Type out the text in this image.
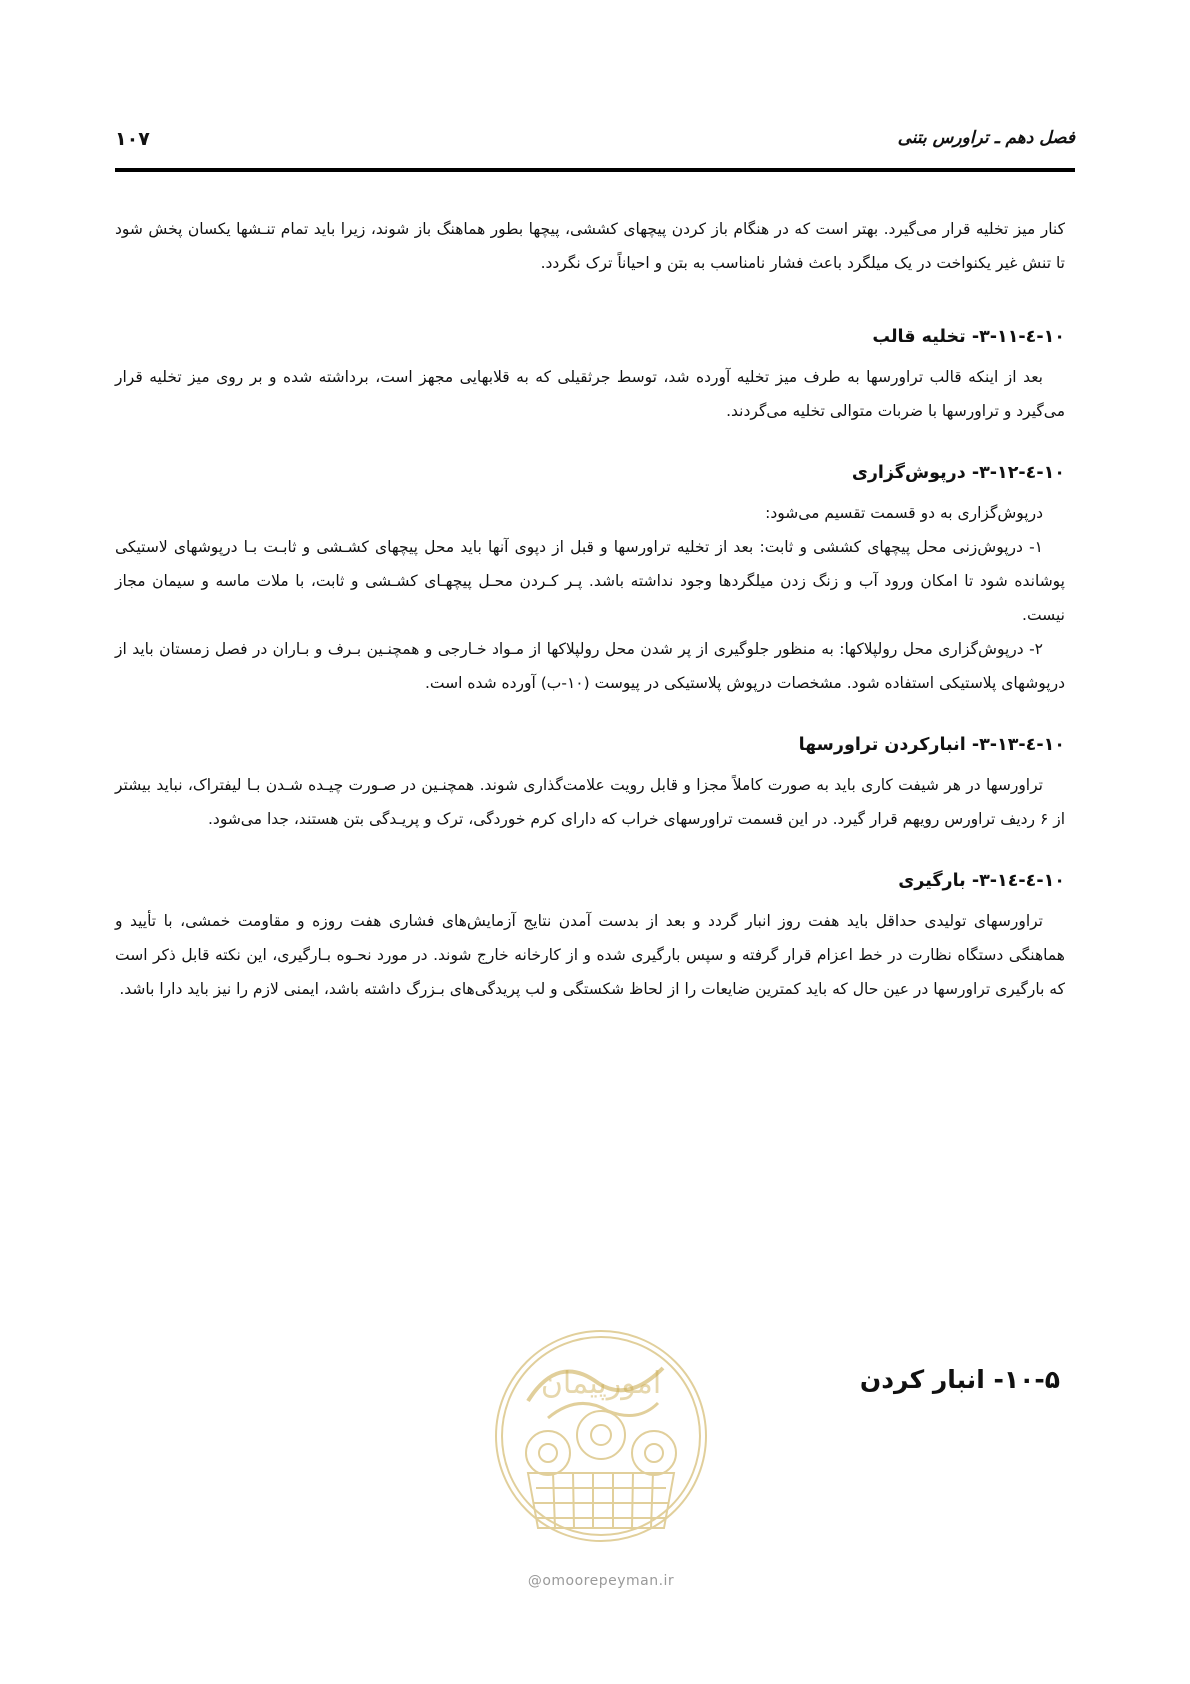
۱۰۷	فصل دهم ـ تراورس بتنی

کنار میز تخلیه قرار می‌گیرد. بهتر است که در هنگام باز کردن پیچهای کششی، پیچها بطور هماهنگ باز شوند، زیرا باید تمام تنـشها یکسان پخش شود تا تنش غیر یکنواخت در یک میلگرد باعث فشار نامناسب به بتن و احیاناً ترک نگردد.

۱۰-٤-۳-۱۱- تخلیه قالب

بعد از اینکه قالب تراورسها به طرف میز تخلیه آورده شد، توسط جرثقیلی که به قلابهایی مجهز است، برداشته شده و بر روی میز تخلیه قرار می‌گیرد و تراورسها با ضربات متوالی تخلیه می‌گردند.

۱۰-٤-۳-۱۲- درپوش‌گزاری

درپوش‌گزاری به دو قسمت تقسیم می‌شود:

۱- درپوش‌زنی محل پیچهای کششی و ثابت: بعد از تخلیه تراورسها و قبل از دپوی آنها باید محل پیچهای کشـشی و ثابـت بـا درپوشهای لاستیکی پوشانده شود تا امکان ورود آب و زنگ زدن میلگردها وجود نداشته باشد. پـر کـردن محـل پیچهـای کشـشی و ثابت، با ملات ماسه و سیمان مجاز نیست.

۲- درپوش‌گزاری محل رولپلاکها: به منظور جلوگیری از پر شدن محل رولپلاکها از مـواد خـارجی و همچنـین بـرف و بـاران در فصل زمستان باید از درپوشهای پلاستیکی استفاده شود. مشخصات درپوش پلاستیکی در پیوست (۱۰-ب) آورده شده است.

۱۰-٤-۳-۱۳- انبارکردن تراورسها

تراورسها در هر شیفت کاری باید به صورت کاملاً مجزا و قابل رویت علامت‌گذاری شوند. همچنـین در صـورت چیـده شـدن بـا لیفتراک، نباید بیشتر از ۶ ردیف تراورس رویهم قرار گیرد. در این قسمت تراورسهای خراب که دارای کرم خوردگی، ترک و پریـدگی بتن هستند، جدا می‌شود.

۱۰-٤-۳-۱٤- بارگیری

تراورسهای تولیدی حداقل باید هفت روز انبار گردد و بعد از بدست آمدن نتایج آزمایش‌های فشاری هفت روزه و مقاومت خمشی، با تأیید و هماهنگی دستگاه نظارت در خط اعزام قرار گرفته و سپس بارگیری شده و از کارخانه خارج شوند. در مورد نحـوه بـارگیری، این نکته قابل ذکر است که بارگیری تراورسها در عین حال که باید کمترین ضایعات را از لحاظ شکستگی و لب پریدگی‌های بـزرگ داشته باشد، ایمنی لازم را نیز باید دارا باشد.

۱۰-۵- انبار کردن
امورپیمان
@omoorepeyman.ir
